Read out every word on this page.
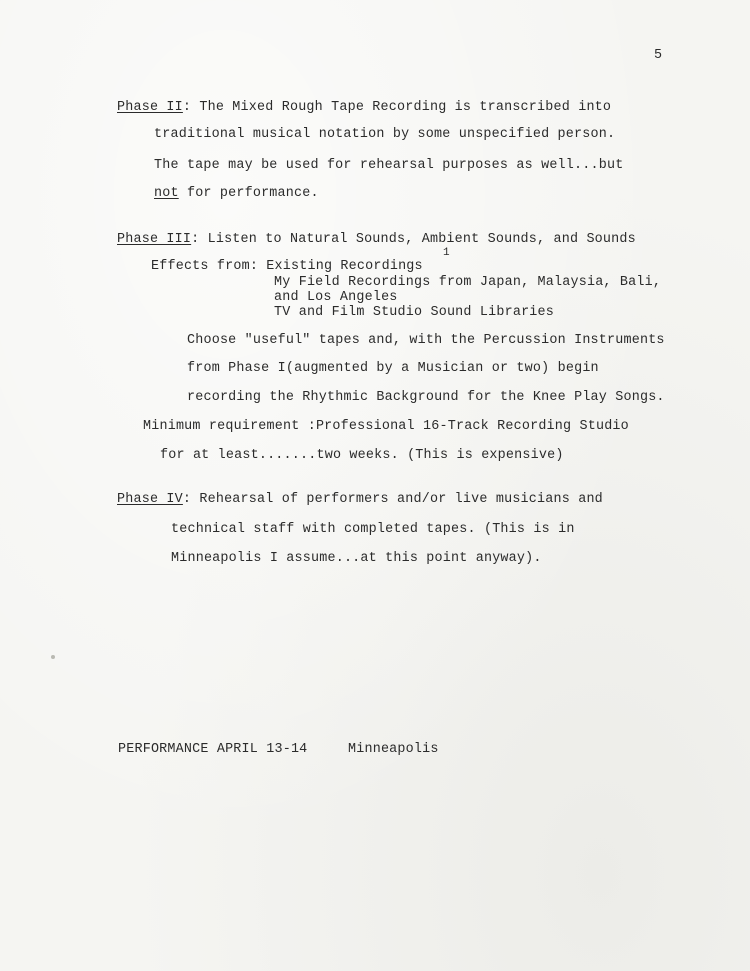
5
Phase II: The Mixed Rough Tape Recording is transcribed into
traditional musical notation by some unspecified person.
The tape may be used for rehearsal purposes as well...but
not for performance.
Phase III: Listen to Natural Sounds, Ambient Sounds, and Sounds
1
Effects from: Existing Recordings
My Field Recordings from Japan, Malaysia, Bali,
and Los Angeles
TV and Film Studio Sound Libraries
Choose "useful" tapes and, with the Percussion Instruments
from Phase I(augmented by a Musician or two) begin
recording the Rhythmic Background for the Knee Play Songs.
Minimum requirement :Professional 16-Track Recording Studio
for at least.......two weeks. (This is expensive)
Phase IV: Rehearsal of performers and/or live musicians and
technical staff with completed tapes. (This is in
Minneapolis I assume...at this point anyway).
PERFORMANCE APRIL 13-14	Minneapolis
